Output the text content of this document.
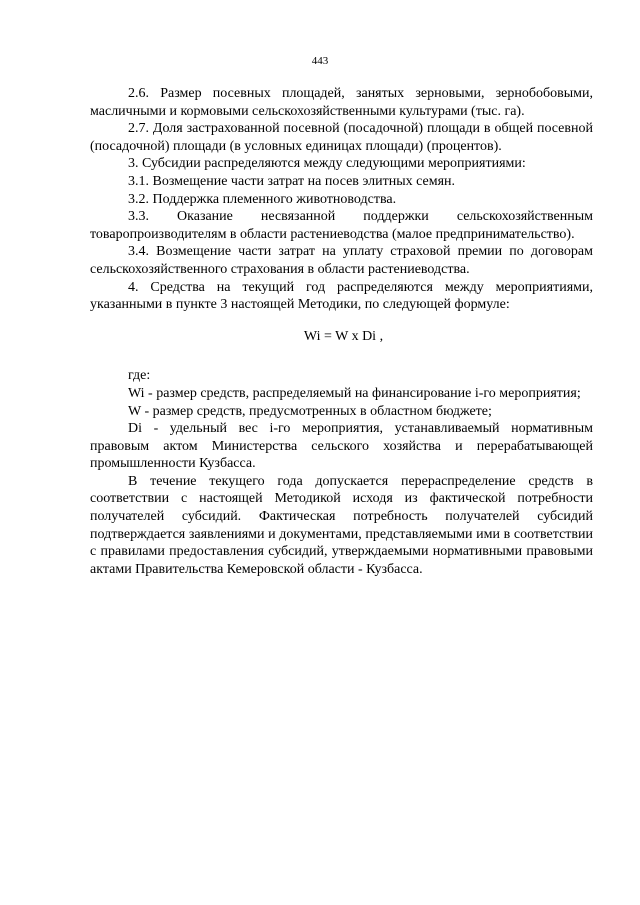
443

2.6. Размер посевных площадей, занятых зерновыми, зернобобовыми, масличными и кормовыми сельскохозяйственными культурами (тыс. га).

2.7. Доля застрахованной посевной (посадочной) площади в общей посевной (посадочной) площади (в условных единицах площади) (процентов).

3. Субсидии распределяются между следующими мероприятиями:

3.1. Возмещение части затрат на посев элитных семян.

3.2. Поддержка племенного животноводства.

3.3. Оказание несвязанной поддержки сельскохозяйственным товаропроизводителям в области растениеводства (малое предпринимательство).

3.4. Возмещение части затрат на уплату страховой премии по договорам сельскохозяйственного страхования в области растениеводства.

4. Средства на текущий год распределяются между мероприятиями, указанными в пункте 3 настоящей Методики, по следующей формуле:

Wi = W x Di ,

где:

Wi - размер средств, распределяемый на финансирование i-го мероприятия;

W - размер средств, предусмотренных в областном бюджете;

Di - удельный вес i-го мероприятия, устанавливаемый нормативным правовым актом Министерства сельского хозяйства и перерабатывающей промышленности Кузбасса.

В течение текущего года допускается перераспределение средств в соответствии с настоящей Методикой исходя из фактической потребности получателей субсидий. Фактическая потребность получателей субсидий подтверждается заявлениями и документами, представляемыми ими в соответствии с правилами предоставления субсидий, утверждаемыми нормативными правовыми актами Правительства Кемеровской области - Кузбасса.
